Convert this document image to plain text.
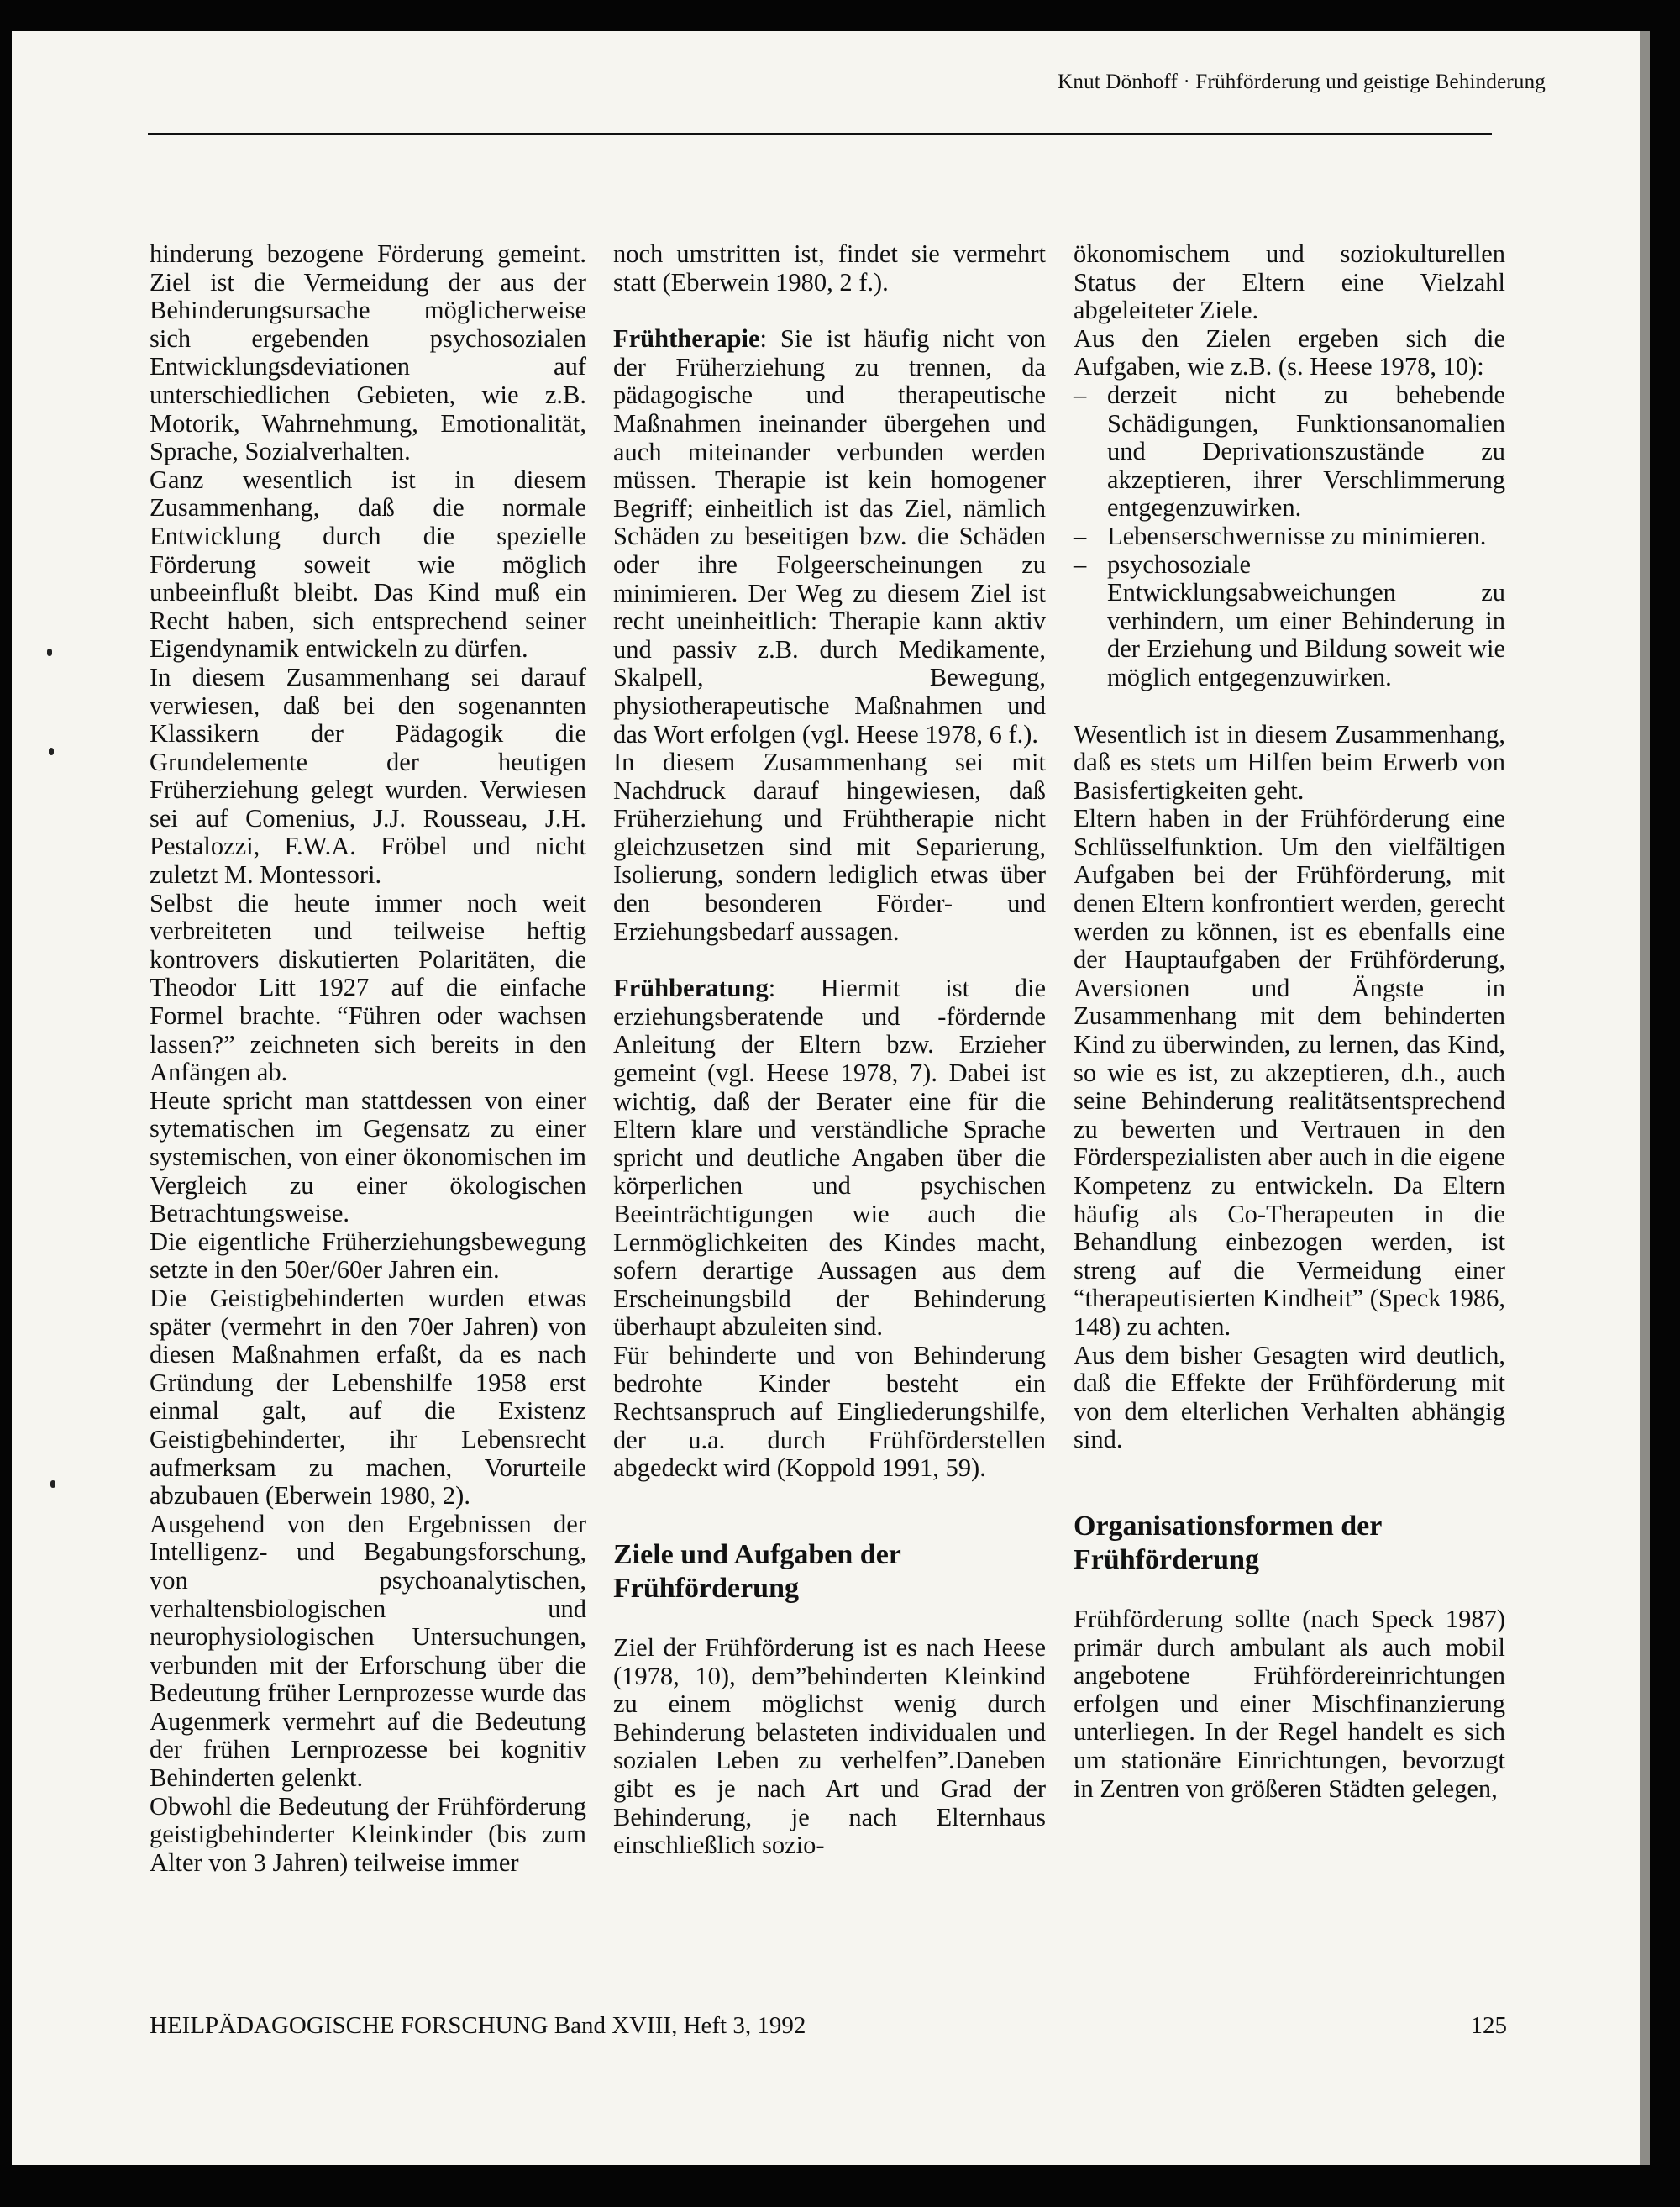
Knut Dönhoff · Frühförderung und geistige Behinderung

hinderung bezogene Förderung gemeint. Ziel ist die Vermeidung der aus der Behinderungsursache möglicherweise sich ergebenden psychosozialen Entwicklungsdeviationen auf unterschiedlichen Gebieten, wie z.B. Motorik, Wahrnehmung, Emotionalität, Sprache, Sozialverhalten.

Ganz wesentlich ist in diesem Zusammenhang, daß die normale Entwicklung durch die spezielle Förderung soweit wie möglich unbeeinflußt bleibt. Das Kind muß ein Recht haben, sich entsprechend seiner Eigendynamik entwickeln zu dürfen.

In diesem Zusammenhang sei darauf verwiesen, daß bei den sogenannten Klassikern der Pädagogik die Grundelemente der heutigen Früherziehung gelegt wurden. Verwiesen sei auf Comenius, J.J. Rousseau, J.H. Pestalozzi, F.W.A. Fröbel und nicht zuletzt M. Montessori.

Selbst die heute immer noch weit verbreiteten und teilweise heftig kontrovers diskutierten Polaritäten, die Theodor Litt 1927 auf die einfache Formel brachte. “Führen oder wachsen lassen?” zeichneten sich bereits in den Anfängen ab.

Heute spricht man stattdessen von einer sytematischen im Gegensatz zu einer systemischen, von einer ökonomischen im Vergleich zu einer ökologischen Betrachtungsweise.

Die eigentliche Früherziehungsbewegung setzte in den 50er/60er Jahren ein.

Die Geistigbehinderten wurden etwas später (vermehrt in den 70er Jahren) von diesen Maßnahmen erfaßt, da es nach Gründung der Lebenshilfe 1958 erst einmal galt, auf die Existenz Geistigbehinderter, ihr Lebensrecht aufmerksam zu machen, Vorurteile abzubauen (Eberwein 1980, 2).

Ausgehend von den Ergebnissen der Intelligenz- und Begabungsforschung, von psychoanalytischen, verhaltensbiologischen und neurophysiologischen Untersuchungen, verbunden mit der Erforschung über die Bedeutung früher Lernprozesse wurde das Augenmerk vermehrt auf die Bedeutung der frühen Lernprozesse bei kognitiv Behinderten gelenkt.

Obwohl die Bedeutung der Frühförderung geistigbehinderter Kleinkinder (bis zum Alter von 3 Jahren) teilweise immer

noch umstritten ist, findet sie vermehrt statt (Eberwein 1980, 2 f.).

Frühtherapie: Sie ist häufig nicht von der Früherziehung zu trennen, da pädagogische und therapeutische Maßnahmen ineinander übergehen und auch miteinander verbunden werden müssen. Therapie ist kein homogener Begriff; einheitlich ist das Ziel, nämlich Schäden zu beseitigen bzw. die Schäden oder ihre Folgeerscheinungen zu minimieren. Der Weg zu diesem Ziel ist recht uneinheitlich: Therapie kann aktiv und passiv z.B. durch Medikamente, Skalpell, Bewegung, physiotherapeutische Maßnahmen und das Wort erfolgen (vgl. Heese 1978, 6 f.).

In diesem Zusammenhang sei mit Nachdruck darauf hingewiesen, daß Früherziehung und Frühtherapie nicht gleichzusetzen sind mit Separierung, Isolierung, sondern lediglich etwas über den besonderen Förder- und Erziehungsbedarf aussagen.

Frühberatung: Hiermit ist die erziehungsberatende und -fördernde Anleitung der Eltern bzw. Erzieher gemeint (vgl. Heese 1978, 7). Dabei ist wichtig, daß der Berater eine für die Eltern klare und verständliche Sprache spricht und deutliche Angaben über die körperlichen und psychischen Beeinträchtigungen wie auch die Lernmöglichkeiten des Kindes macht, sofern derartige Aussagen aus dem Erscheinungsbild der Behinderung überhaupt abzuleiten sind.

Für behinderte und von Behinderung bedrohte Kinder besteht ein Rechtsanspruch auf Eingliederungshilfe, der u.a. durch Frühförderstellen abgedeckt wird (Koppold 1991, 59).

Ziele und Aufgaben der Frühförderung

Ziel der Frühförderung ist es nach Heese (1978, 10), dem”behinderten Kleinkind zu einem möglichst wenig durch Behinderung belasteten individualen und sozialen Leben zu verhelfen”.Daneben gibt es je nach Art und Grad der Behinderung, je nach Elternhaus einschließlich sozio-

ökonomischem und soziokulturellen Status der Eltern eine Vielzahl abgeleiteter Ziele.

Aus den Zielen ergeben sich die Aufgaben, wie z.B. (s. Heese 1978, 10):

– derzeit nicht zu behebende Schädigungen, Funktionsanomalien und Deprivationszustände zu akzeptieren, ihrer Verschlimmerung entgegenzuwirken.
– Lebenserschwernisse zu minimieren.
– psychosoziale Entwicklungsabweichungen zu verhindern, um einer Behinderung in der Erziehung und Bildung soweit wie möglich entgegenzuwirken.

Wesentlich ist in diesem Zusammenhang, daß es stets um Hilfen beim Erwerb von Basisfertigkeiten geht.

Eltern haben in der Frühförderung eine Schlüsselfunktion. Um den vielfältigen Aufgaben bei der Frühförderung, mit denen Eltern konfrontiert werden, gerecht werden zu können, ist es ebenfalls eine der Hauptaufgaben der Frühförderung, Aversionen und Ängste in Zusammenhang mit dem behinderten Kind zu überwinden, zu lernen, das Kind, so wie es ist, zu akzeptieren, d.h., auch seine Behinderung realitätsentsprechend zu bewerten und Vertrauen in den Förderspezialisten aber auch in die eigene Kompetenz zu entwickeln. Da Eltern häufig als Co-Therapeuten in die Behandlung einbezogen werden, ist streng auf die Vermeidung einer “therapeutisierten Kindheit” (Speck 1986, 148) zu achten.

Aus dem bisher Gesagten wird deutlich, daß die Effekte der Frühförderung mit von dem elterlichen Verhalten abhängig sind.

Organisationsformen der Frühförderung

Frühförderung sollte (nach Speck 1987) primär durch ambulant als auch mobil angebotene Frühfördereinrichtungen erfolgen und einer Mischfinanzierung unterliegen. In der Regel handelt es sich um stationäre Einrichtungen, bevorzugt in Zentren von größeren Städten gelegen,

HEILPÄDAGOGISCHE FORSCHUNG Band XVIII, Heft 3, 1992	125
